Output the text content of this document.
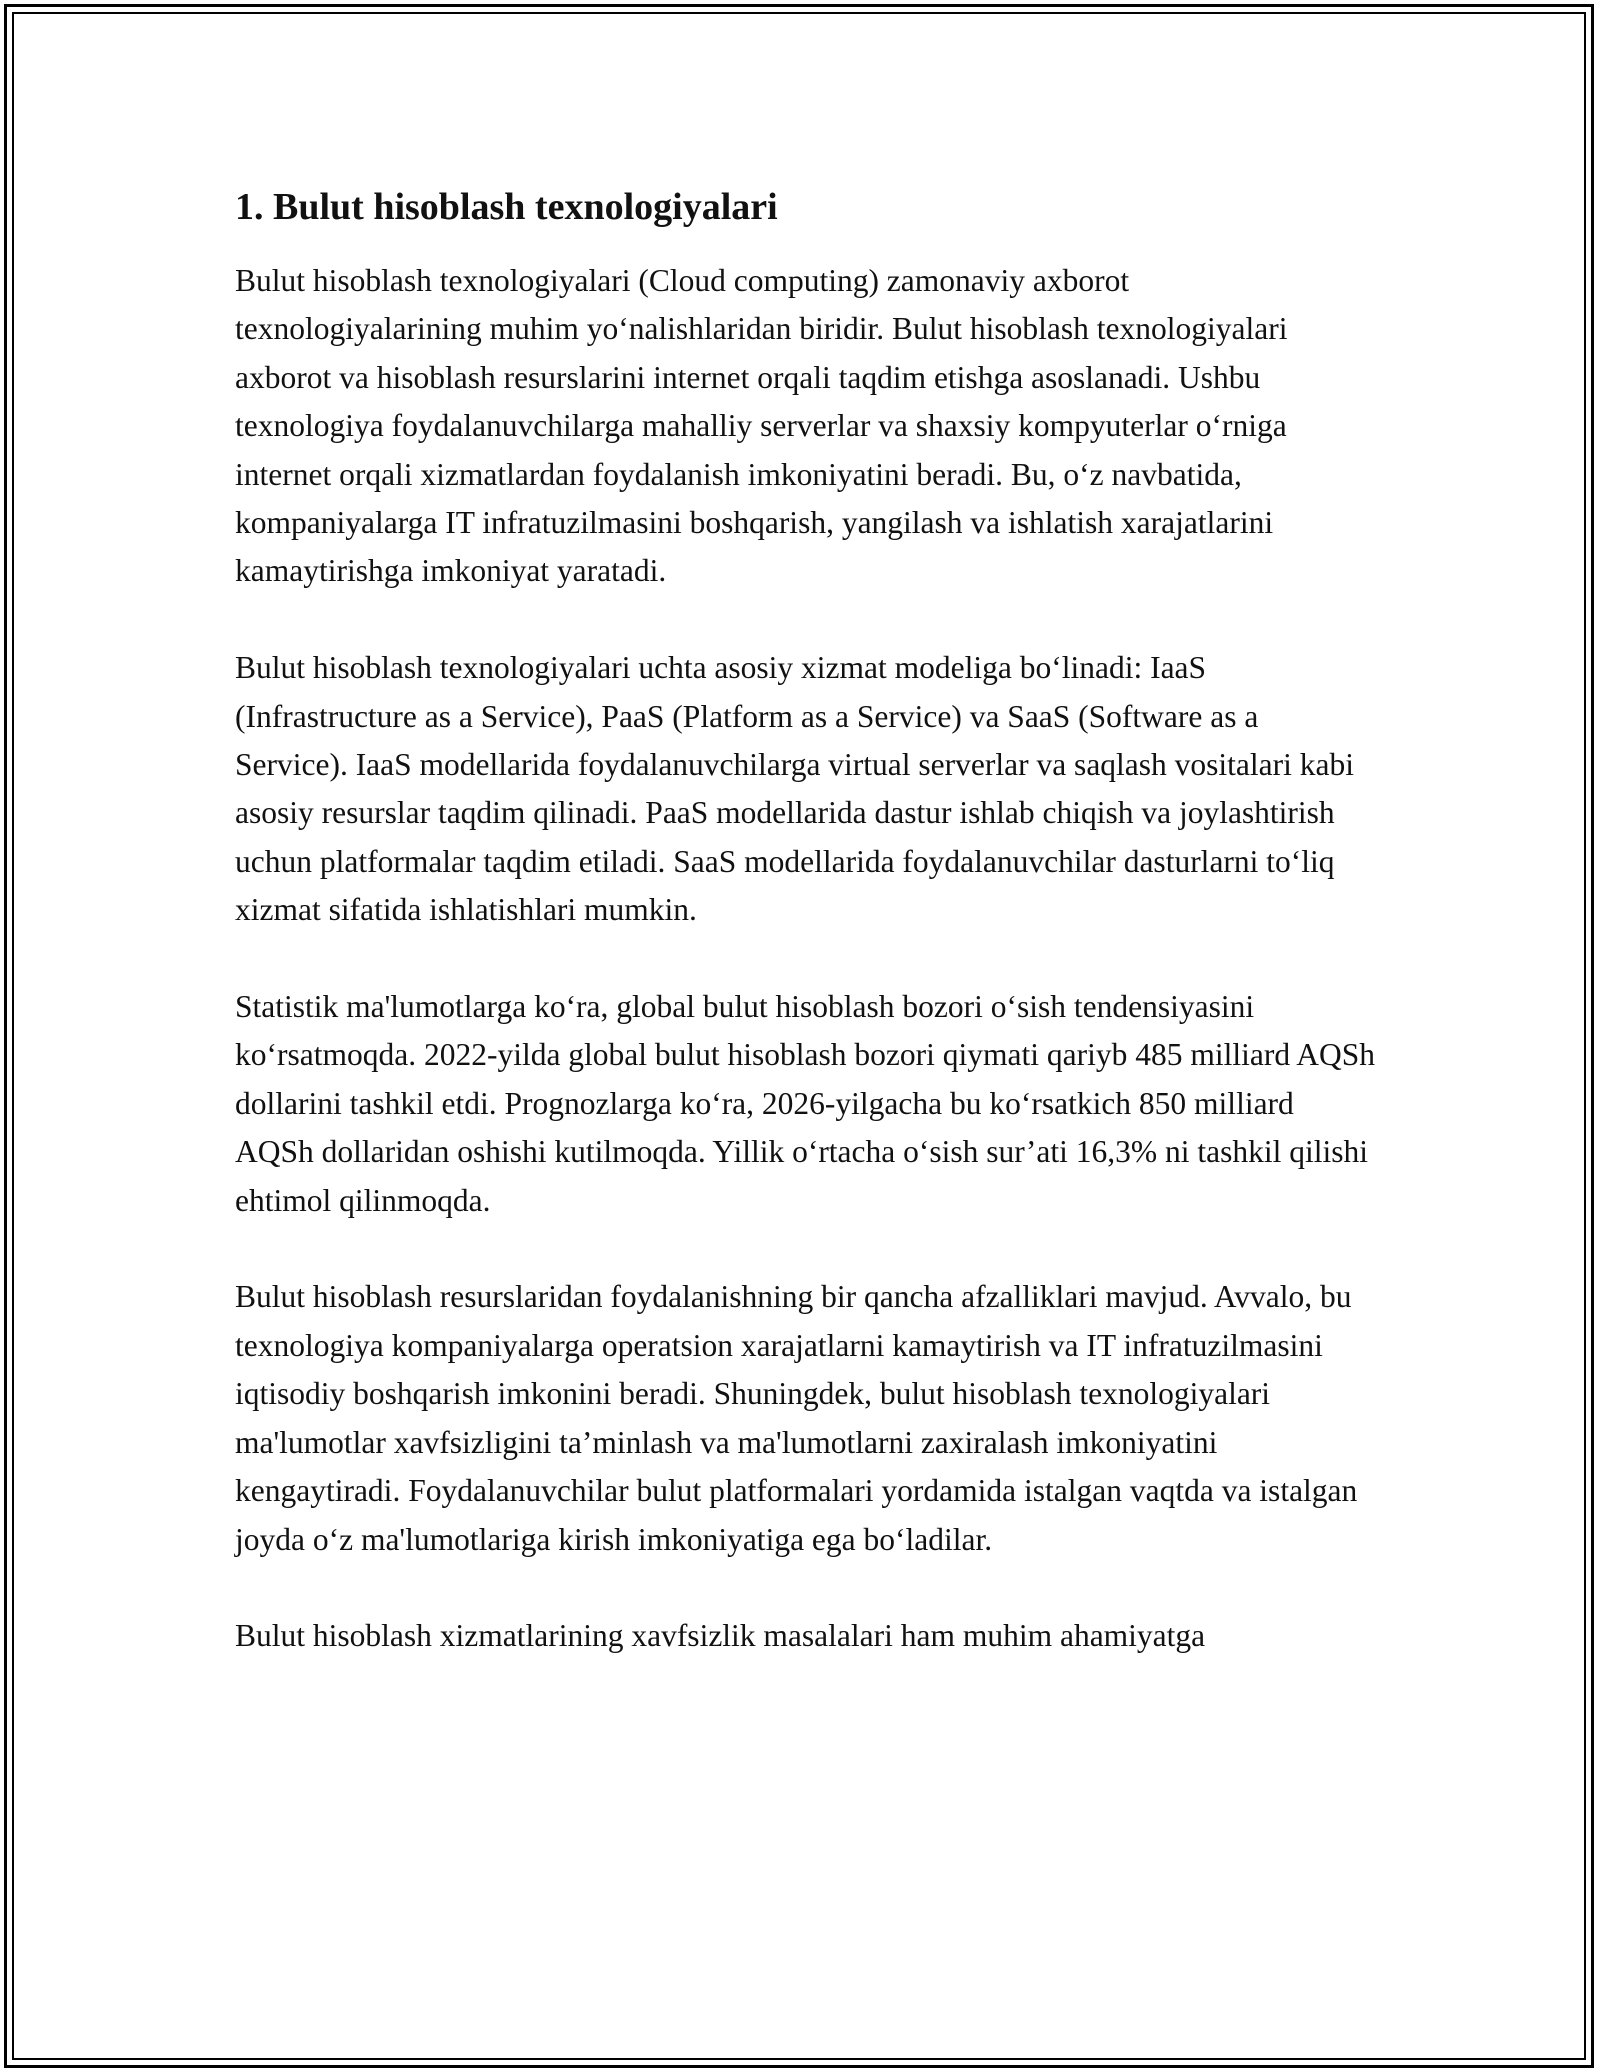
1. Bulut hisoblash texnologiyalari

Bulut hisoblash texnologiyalari (Cloud computing) zamonaviy axborot texnologiyalarining muhim yo‘nalishlaridan biridir. Bulut hisoblash texnologiyalari axborot va hisoblash resurslarini internet orqali taqdim etishga asoslanadi. Ushbu texnologiya foydalanuvchilarga mahalliy serverlar va shaxsiy kompyuterlar o‘rniga internet orqali xizmatlardan foydalanish imkoniyatini beradi. Bu, o‘z navbatida, kompaniyalarga IT infratuzilmasini boshqarish, yangilash va ishlatish xarajatlarini kamaytirishga imkoniyat yaratadi.

Bulut hisoblash texnologiyalari uchta asosiy xizmat modeliga bo‘linadi: IaaS (Infrastructure as a Service), PaaS (Platform as a Service) va SaaS (Software as a Service). IaaS modellarida foydalanuvchilarga virtual serverlar va saqlash vositalari kabi asosiy resurslar taqdim qilinadi. PaaS modellarida dastur ishlab chiqish va joylashtirish uchun platformalar taqdim etiladi. SaaS modellarida foydalanuvchilar dasturlarni to‘liq xizmat sifatida ishlatishlari mumkin.

Statistik ma'lumotlarga ko‘ra, global bulut hisoblash bozori o‘sish tendensiyasini ko‘rsatmoqda. 2022-yilda global bulut hisoblash bozori qiymati qariyb 485 milliard AQSh dollarini tashkil etdi. Prognozlarga ko‘ra, 2026-yilgacha bu ko‘rsatkich 850 milliard AQSh dollaridan oshishi kutilmoqda. Yillik o‘rtacha o‘sish sur’ati 16,3% ni tashkil qilishi ehtimol qilinmoqda.

Bulut hisoblash resurslaridan foydalanishning bir qancha afzalliklari mavjud. Avvalo, bu texnologiya kompaniyalarga operatsion xarajatlarni kamaytirish va IT infratuzilmasini iqtisodiy boshqarish imkonini beradi. Shuningdek, bulut hisoblash texnologiyalari ma'lumotlar xavfsizligini ta’minlash va ma'lumotlarni zaxiralash imkoniyatini kengaytiradi. Foydalanuvchilar bulut platformalari yordamida istalgan vaqtda va istalgan joyda o‘z ma'lumotlariga kirish imkoniyatiga ega bo‘ladilar.

Bulut hisoblash xizmatlarining xavfsizlik masalalari ham muhim ahamiyatga
